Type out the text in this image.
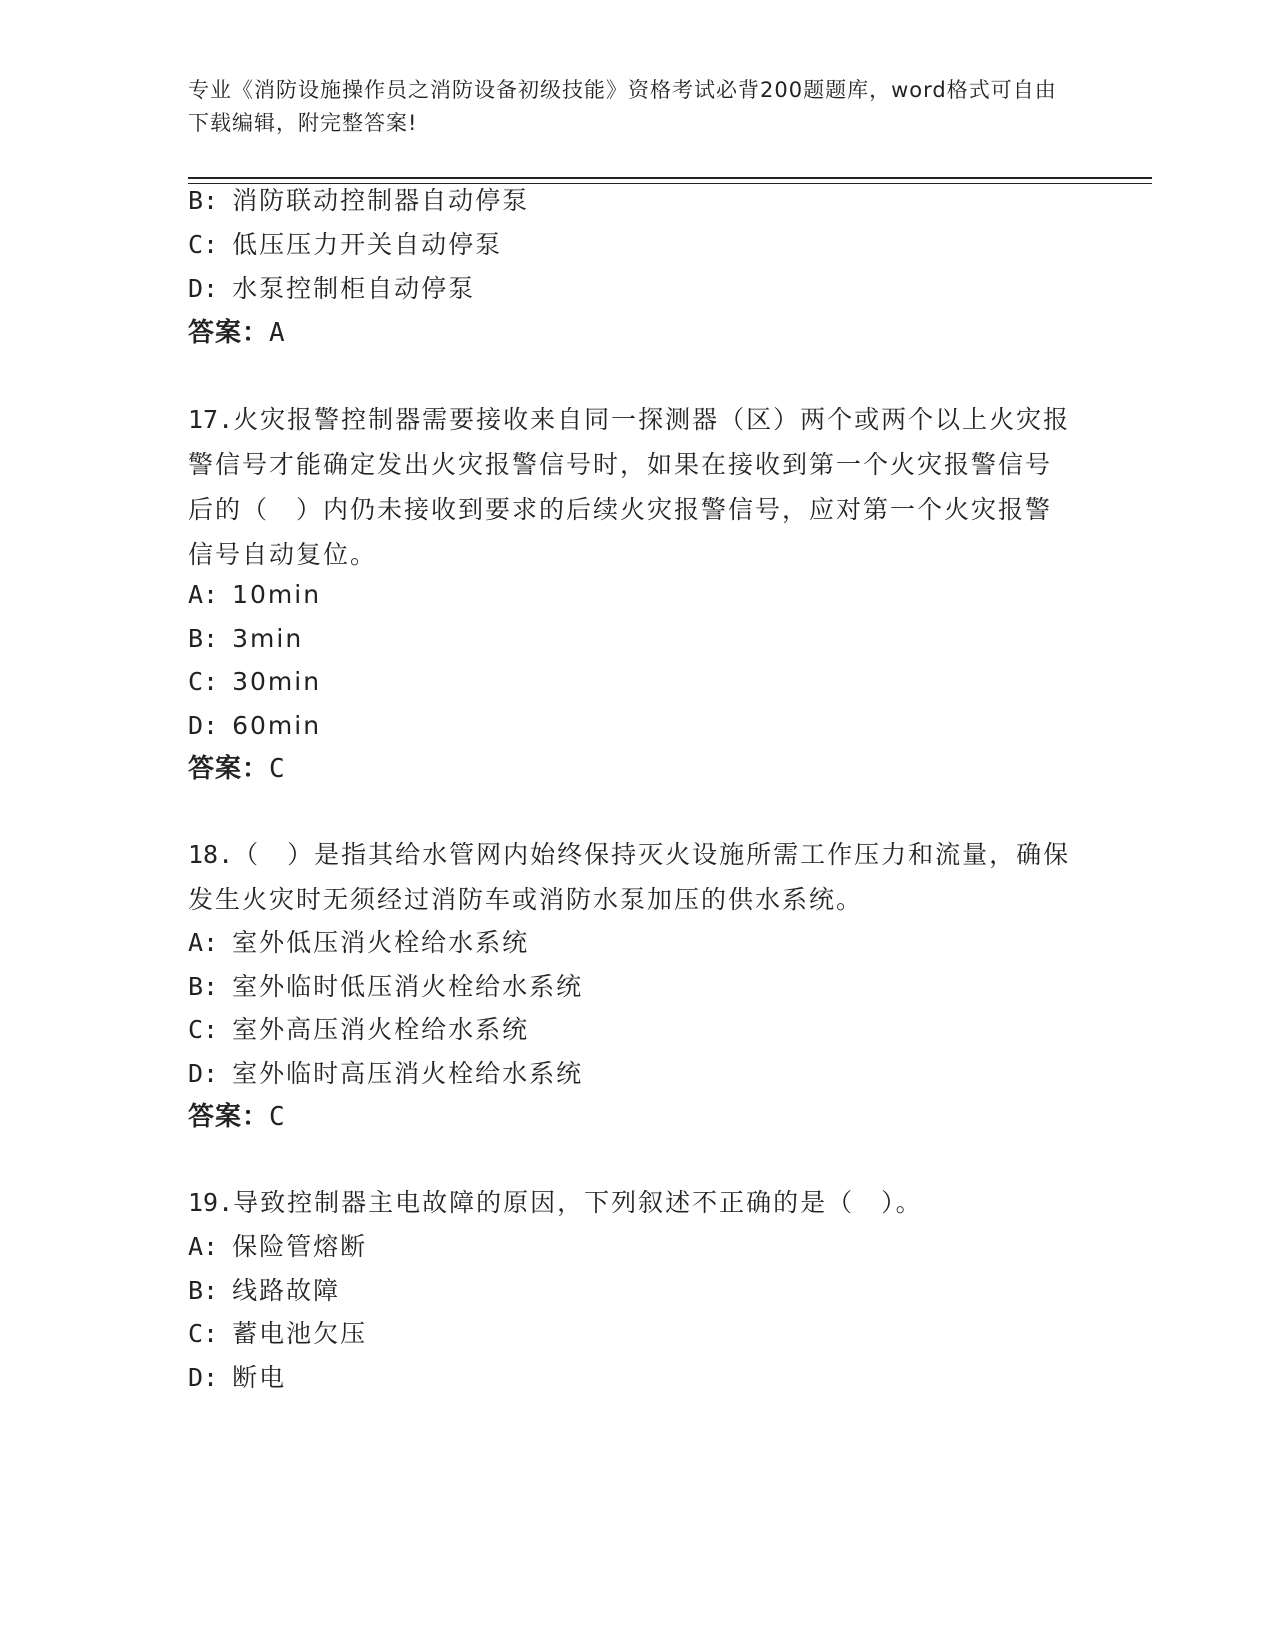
专业《消防设施操作员之消防设备初级技能》资格考试必背200题题库，word格式可自由下载编辑，附完整答案!
B: 消防联动控制器自动停泵
C: 低压压力开关自动停泵
D: 水泵控制柜自动停泵
答案：A
17.火灾报警控制器需要接收来自同一探测器（区）两个或两个以上火灾报警信号才能确定发出火灾报警信号时，如果在接收到第一个火灾报警信号后的（　）内仍未接收到要求的后续火灾报警信号，应对第一个火灾报警信号自动复位。
A: 10min
B: 3min
C: 30min
D: 60min
答案：C
18.（　）是指其给水管网内始终保持灭火设施所需工作压力和流量，确保发生火灾时无须经过消防车或消防水泵加压的供水系统。
A: 室外低压消火栓给水系统
B: 室外临时低压消火栓给水系统
C: 室外高压消火栓给水系统
D: 室外临时高压消火栓给水系统
答案：C
19.导致控制器主电故障的原因，下列叙述不正确的是（　）。
A: 保险管熔断
B: 线路故障
C: 蓄电池欠压
D: 断电
